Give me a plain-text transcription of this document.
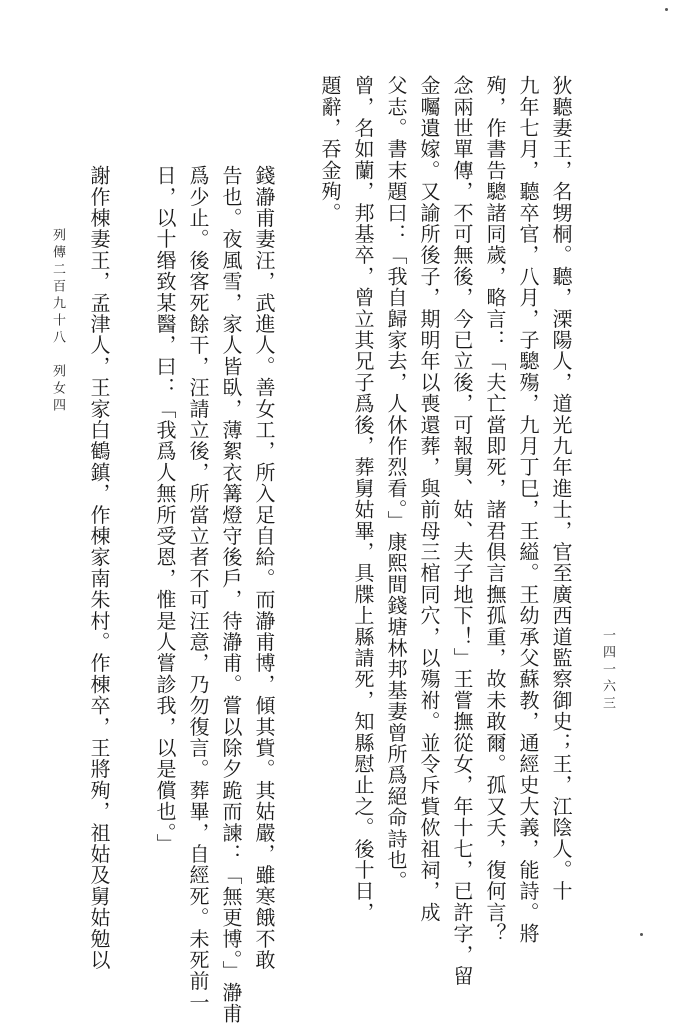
狄聽妻王，名甥桐。聽，溧陽人，道光九年進士，官至廣西道監察御史；王，江陰人。十
九年七月，聽卒官，八月，子驄殤，九月丁巳，王縊。王幼承父蘇教，通經史大義，能詩。將
殉，作書告驄諸同歲，略言：「夫亡當即死，諸君俱言撫孤重，故未敢爾。孤又夭，復何言？
念兩世單傳，不可無後，今已立後，可報舅、姑、夫子地下！」王嘗撫從女，年十七，已許字，留
金囑遺嫁。又諭所後子，期明年以喪還葬，與前母三棺同穴，以殤祔。並令斥貲佽祖祠，成
父志。書末題曰：「我自歸家去，人休作烈看。」康熙間錢塘林邦基妻曾所爲絕命詩也。
曾，名如蘭，邦基卒，曾立其兄子爲後，葬舅姑畢，具牒上縣請死，知縣慰止之。後十日，
題辭，吞金殉。
錢瀞甫妻汪，武進人。善女工，所入足自給。而瀞甫博，傾其貲。其姑嚴，雖寒餓不敢
告也。夜風雪，家人皆臥，薄絮衣篝燈守後戶，待瀞甫。嘗以除夕跪而諫：「無更博。」瀞甫
爲少止。後客死餘干，汪請立後，所當立者不可汪意，乃勿復言。葬畢，自經死。未死前一
日，以十缗致某醫，曰：「我爲人無所受恩，惟是人嘗診我，以是償也。」
謝作棟妻王，孟津人，王家白鶴鎮，作棟家南朱村。作棟卒，王將殉，祖姑及舅姑勉以
列傳二百九十八　列女四
一四一六三
